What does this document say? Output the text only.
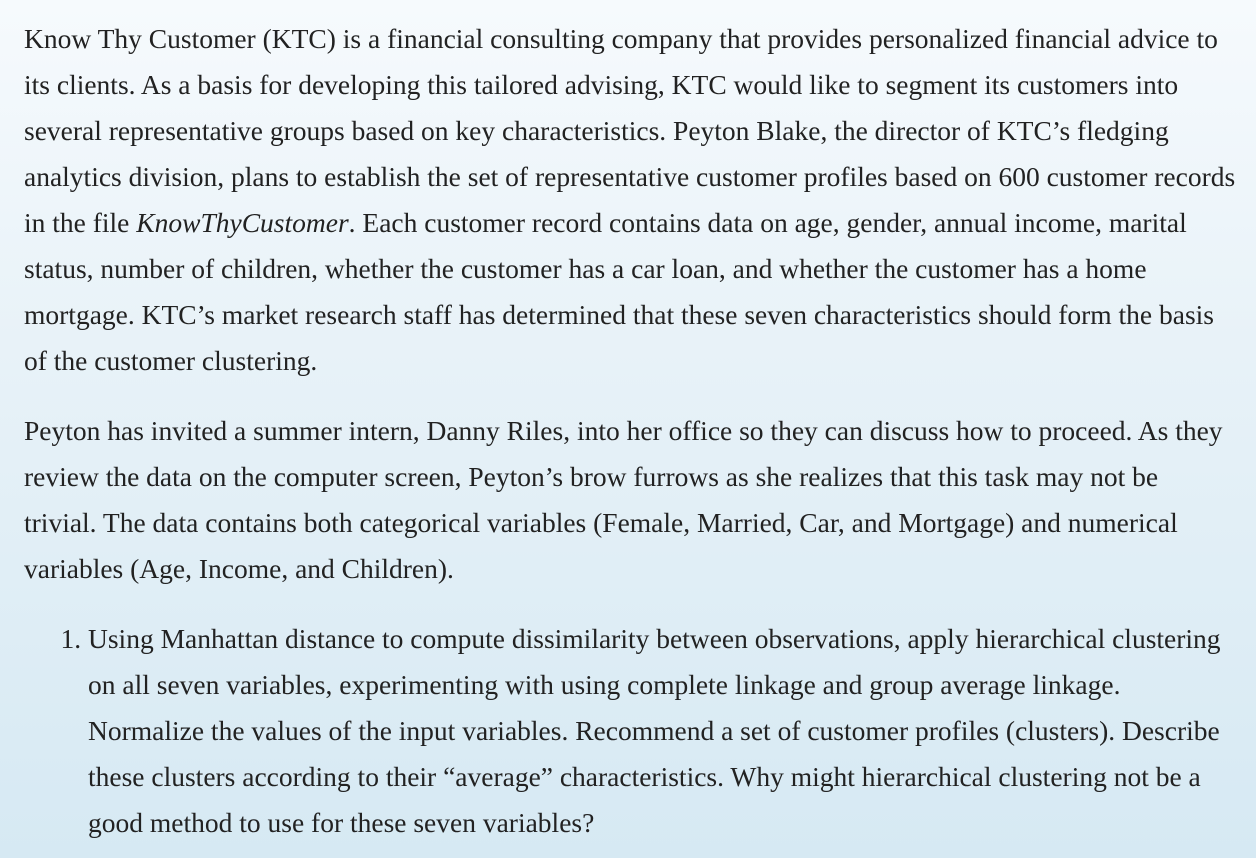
Know Thy Customer (KTC) is a financial consulting company that provides personalized financial advice to its clients. As a basis for developing this tailored advising, KTC would like to segment its customers into several representative groups based on key characteristics. Peyton Blake, the director of KTC’s fledging analytics division, plans to establish the set of representative customer profiles based on 600 customer records in the file KnowThyCustomer. Each customer record contains data on age, gender, annual income, marital status, number of children, whether the customer has a car loan, and whether the customer has a home mortgage. KTC’s market research staff has determined that these seven characteristics should form the basis of the customer clustering.

Peyton has invited a summer intern, Danny Riles, into her office so they can discuss how to proceed. As they review the data on the computer screen, Peyton’s brow furrows as she realizes that this task may not be trivial. The data contains both categorical variables (Female, Married, Car, and Mortgage) and numerical variables (Age, Income, and Children).

1. Using Manhattan distance to compute dissimilarity between observations, apply hierarchical clustering on all seven variables, experimenting with using complete linkage and group average linkage. Normalize the values of the input variables. Recommend a set of customer profiles (clusters). Describe these clusters according to their “average” characteristics. Why might hierarchical clustering not be a good method to use for these seven variables?
